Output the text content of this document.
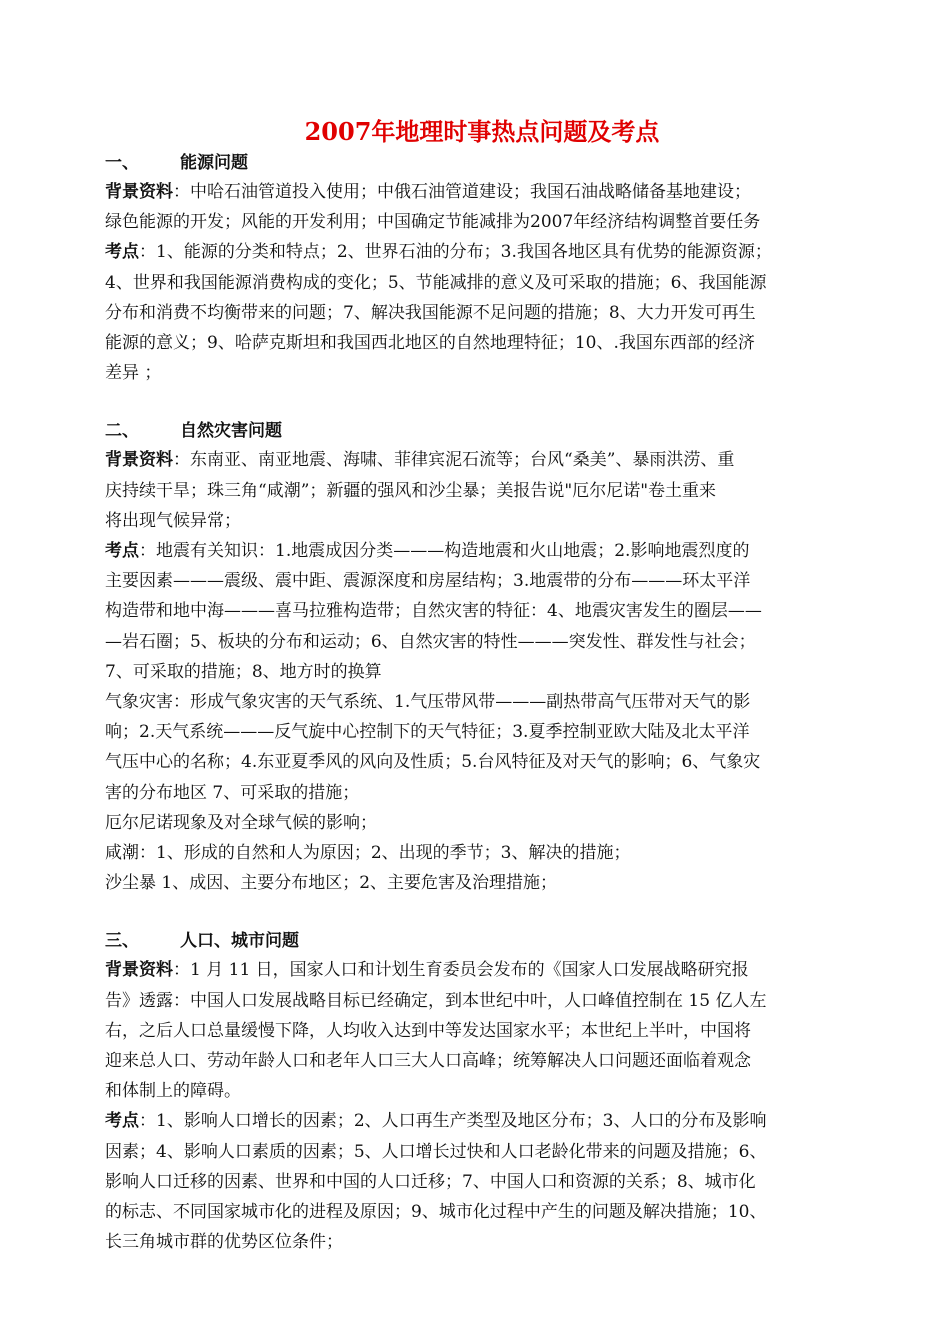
2007年地理时事热点问题及考点
一、	能源问题
背景资料：中哈石油管道投入使用；中俄石油管道建设；我国石油战略储备基地建设；
绿色能源的开发；风能的开发利用；中国确定节能减排为2007年经济结构调整首要任务
考点：1、能源的分类和特点；2、世界石油的分布；3.我国各地区具有优势的能源资源；
4、世界和我国能源消费构成的变化；5、节能减排的意义及可采取的措施；6、我国能源
分布和消费不均衡带来的问题；7、解决我国能源不足问题的措施；8、大力开发可再生
能源的意义；9、哈萨克斯坦和我国西北地区的自然地理特征；10、.我国东西部的经济
差异 ；
二、	自然灾害问题
背景资料：东南亚、南亚地震、海啸、菲律宾泥石流等；台风“桑美”、暴雨洪涝、重
庆持续干旱；珠三角“咸潮”；新疆的强风和沙尘暴；美报告说"厄尔尼诺"卷土重来
将出现气候异常；
考点：地震有关知识：1.地震成因分类———构造地震和火山地震；2.影响地震烈度的
主要因素———震级、震中距、震源深度和房屋结构；3.地震带的分布———环太平洋
构造带和地中海———喜马拉雅构造带；自然灾害的特征：4、地震灾害发生的圈层——
—岩石圈；5、板块的分布和运动；6、自然灾害的特性———突发性、群发性与社会；
7、可采取的措施；8、地方时的换算
气象灾害：形成气象灾害的天气系统、1.气压带风带———副热带高气压带对天气的影
响；2.天气系统———反气旋中心控制下的天气特征；3.夏季控制亚欧大陆及北太平洋
气压中心的名称；4.东亚夏季风的风向及性质；5.台风特征及对天气的影响；6、气象灾
害的分布地区 7、可采取的措施；
厄尔尼诺现象及对全球气候的影响；
咸潮：1、形成的自然和人为原因；2、出现的季节；3、解决的措施；
沙尘暴 1、成因、主要分布地区；2、主要危害及治理措施；
三、	人口、城市问题
背景资料：1 月 11 日，国家人口和计划生育委员会发布的《国家人口发展战略研究报
告》透露：中国人口发展战略目标已经确定，到本世纪中叶，人口峰值控制在 15 亿人左
右，之后人口总量缓慢下降，人均收入达到中等发达国家水平；本世纪上半叶，中国将
迎来总人口、劳动年龄人口和老年人口三大人口高峰；统筹解决人口问题还面临着观念
和体制上的障碍。
考点：1、影响人口增长的因素；2、人口再生产类型及地区分布；3、人口的分布及影响
因素；4、影响人口素质的因素；5、人口增长过快和人口老龄化带来的问题及措施；6、
影响人口迁移的因素、世界和中国的人口迁移；7、中国人口和资源的关系；8、城市化
的标志、不同国家城市化的进程及原因；9、城市化过程中产生的问题及解决措施；10、
长三角城市群的优势区位条件；
